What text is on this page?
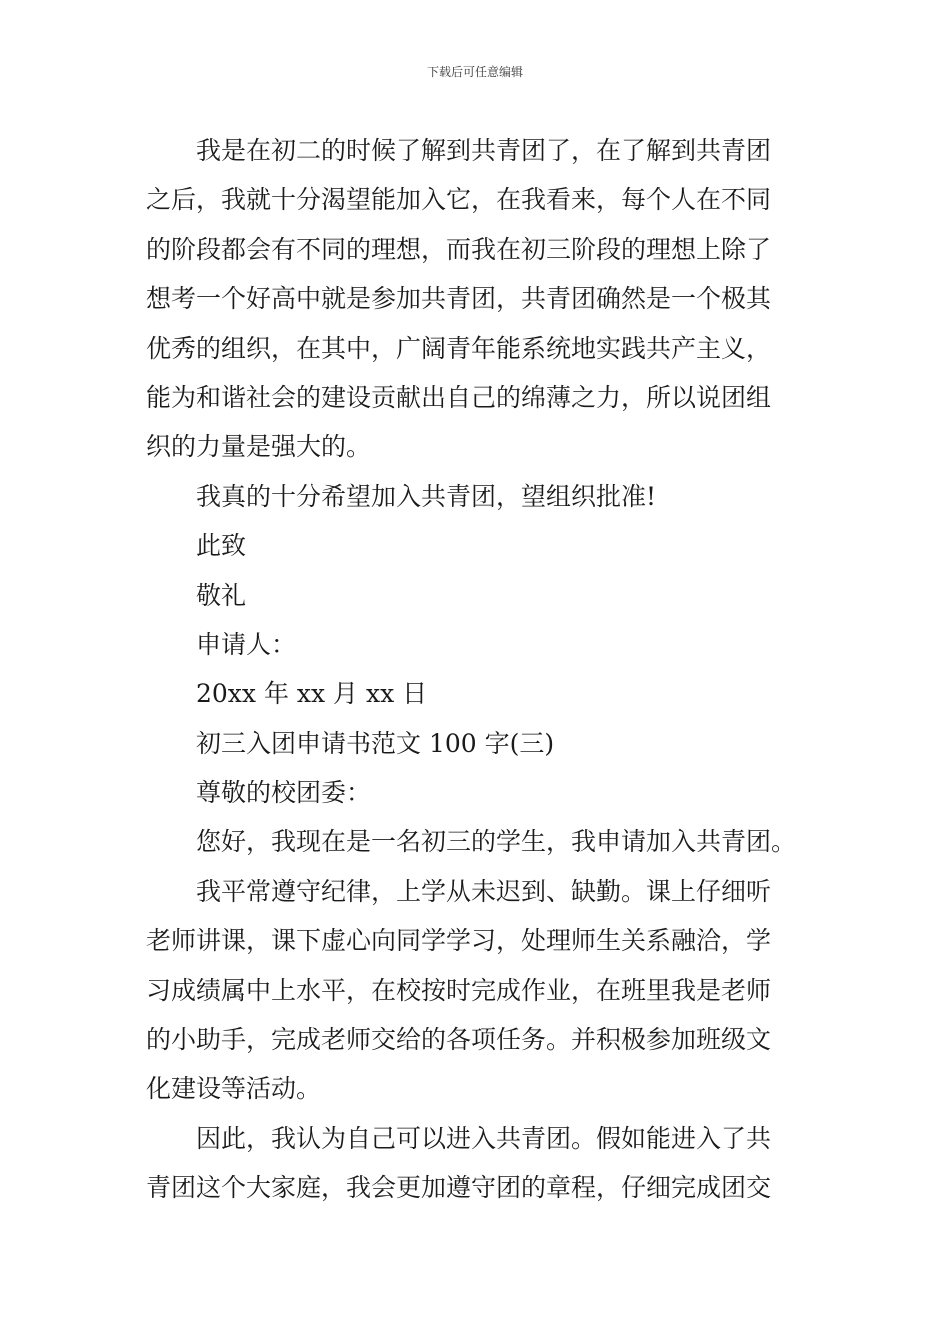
下载后可任意编辑
我是在初二的时候了解到共青团了，在了解到共青团
之后，我就十分渴望能加入它，在我看来，每个人在不同
的阶段都会有不同的理想，而我在初三阶段的理想上除了
想考一个好高中就是参加共青团，共青团确然是一个极其
优秀的组织，在其中，广阔青年能系统地实践共产主义，
能为和谐社会的建设贡献出自己的绵薄之力，所以说团组
织的力量是强大的。
我真的十分希望加入共青团，望组织批准!
此致
敬礼
申请人：
20xx 年 xx 月 xx 日
初三入团申请书范文 100 字(三)
尊敬的校团委：
您好，我现在是一名初三的学生，我申请加入共青团。
我平常遵守纪律，上学从未迟到、缺勤。课上仔细听
老师讲课，课下虚心向同学学习，处理师生关系融洽，学
习成绩属中上水平，在校按时完成作业，在班里我是老师
的小助手，完成老师交给的各项任务。并积极参加班级文
化建设等活动。
因此，我认为自己可以进入共青团。假如能进入了共
青团这个大家庭，我会更加遵守团的章程，仔细完成团交
